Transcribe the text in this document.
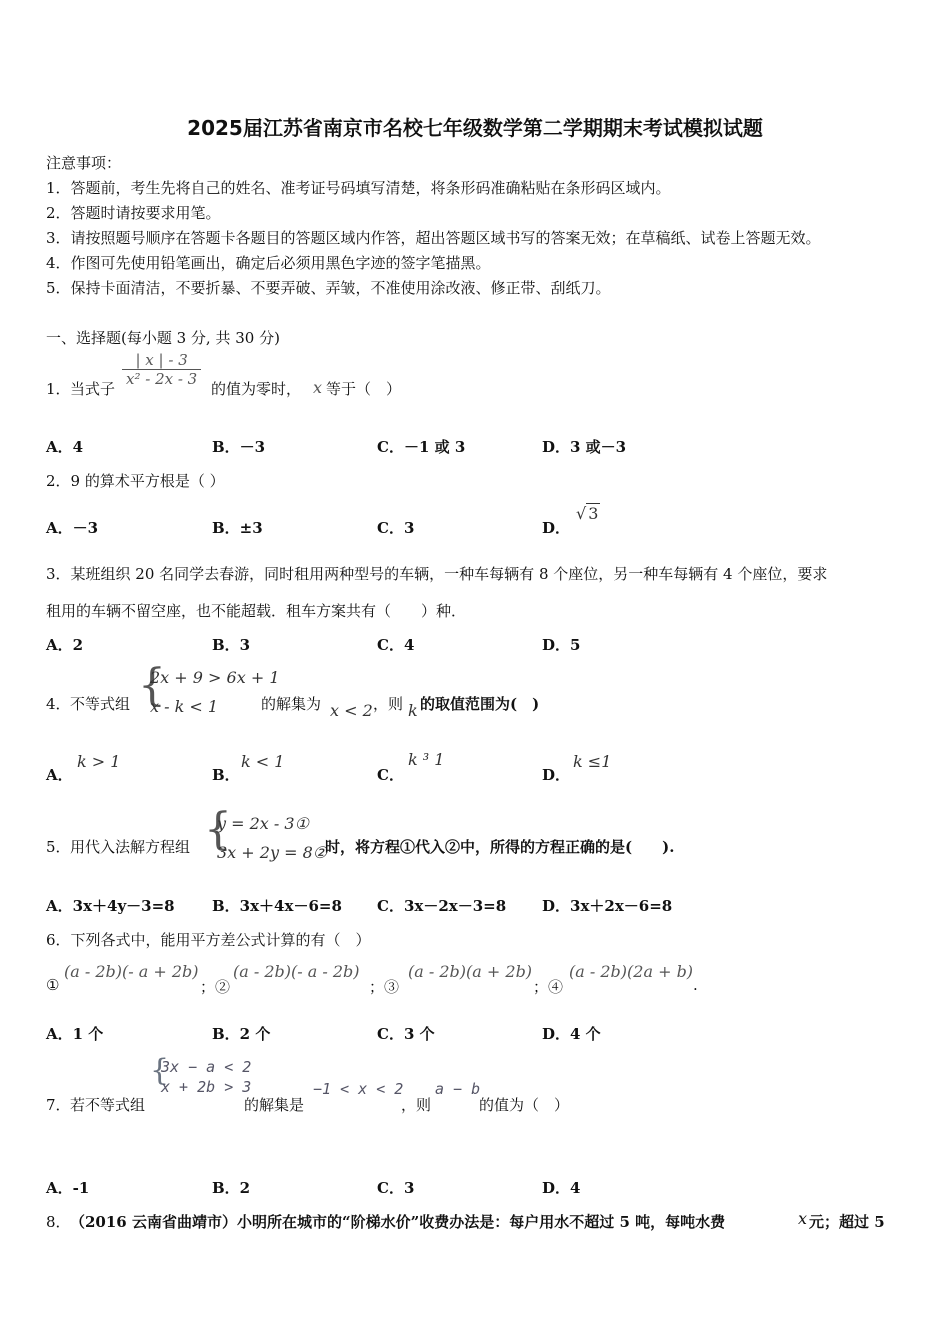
2025届江苏省南京市名校七年级数学第二学期期末考试模拟试题
注意事项：
1．答题前，考生先将自己的姓名、准考证号码填写清楚，将条形码准确粘贴在条形码区域内。
2．答题时请按要求用笔。
3．请按照题号顺序在答题卡各题目的答题区域内作答，超出答题区域书写的答案无效；在草稿纸、试卷上答题无效。
4．作图可先使用铅笔画出，确定后必须用黑色字迹的签字笔描黑。
5．保持卡面清洁，不要折暴、不要弄破、弄皱，不准使用涂改液、修正带、刮纸刀。
一、选择题(每小题 3 分, 共 30 分)
1． 当式子
$\frac{| x | - 3}{\text{x² - 2x - 3}}$
的值为零时， x 等于（　）
A．4	B．－3	C．－1 或 3	D．3 或－3
2．9 的算术平方根是（ ）
A．－3	B．±3	C．3	D．
√ 3
3．某班组织 20 名同学去春游，同时租用两种型号的车辆，一种车每辆有 8 个座位，另一种车每辆有 4 个座位，要求
租用的车辆不留空座，也不能超载．租车方案共有（　　）种．
A．2	B．3	C．4	D．5
4． 不等式组 {
2x + 9 > 6x + 1
x - k < 1	的解集为 x < 2 ，则 k 的取值范围为(　)
A．
k > 1
B．
k < 1
C．
k ³ 1
D．
k ≤1
5． 用代入法解方程组 {
y = 2x - 3①
3x + 2y = 8②
时，将方程①代入②中，所得的方程正确的是(　　).
A．3x＋4y－3=8 B．3x＋4x－6=8 C．3x－2x－3=8 D．3x＋2x－6=8
6．下列各式中，能用平方差公式计算的有（　）
①
(a - 2b)(- a + 2b)
；②
(a - 2b)(- a - 2b)
；③
(a - 2b)(a + 2b)
；④
(a - 2b)(2a + b)
.
A．1 个	B．2 个	C．3 个	D．4 个
7． 若不等式组
{
3x − a < 2
x + 2b > 3
的解集是
−1 < x < 2
，则
a − b
的值为（　）
A．-1	B．2	C．3	D．4
8． （2016 云南省曲靖市）小明所在城市的“阶梯水价”收费办法是：每户用水不超过 5 吨，每吨水费	x 元；超过 5
